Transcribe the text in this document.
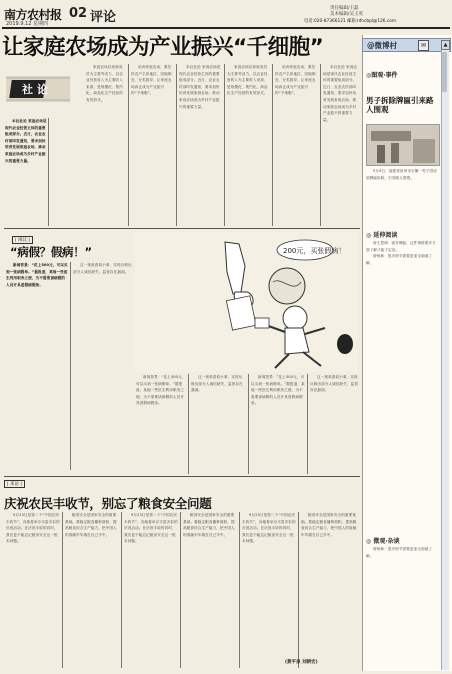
南方农村报
2019.9.12 星期四
02 评论
责任编辑/王磊
美术编辑/吴玉英
电话:020-87366121 邮箱:nfncbpl@126.com
让家庭农场成为产业振兴“千细胞”
社 论

本社社论 家庭农场是现代农业经营主体的重要组成部分。近日，农业农村部印发通知，要求加快培育发展家庭农场，推动家庭农场成为乡村产业振兴的重要力量。

家庭农场以家庭成员为主要劳动力，以农业经营收入为主要收入来源，是规模化、集约化、商品化生产经营的有效形式。

培育家庭农场，要坚持农户主体地位，因地制宜，分类指导，让家庭农场真正成为产业振兴的“千细胞”。

本社社论 家庭农场是现代农业经营主体的重要组成部分。近日，农业农村部印发通知，要求加快培育发展家庭农场，推动家庭农场成为乡村产业振兴的重要力量。

家庭农场以家庭成员为主要劳动力，以农业经营收入为主要收入来源，是规模化、集约化、商品化生产经营的有效形式。

培育家庭农场，要坚持农户主体地位，因地制宜，分类指导，让家庭农场真正成为产业振兴的“千细胞”。

本社社论 家庭农场是现代农业经营主体的重要组成部分。近日，农业农村部印发通知，要求加快培育发展家庭农场，推动家庭农场成为乡村产业振兴的重要力量。

| 闲议 |
“病假？假病！”

新闻背景：“花上300元，可以买到一张病假单。”据报道，某地一些医生利用职务之便，为不需要请病假的人员开具虚假病假条。

这一现象看似小事，实则反映出部分人诚信缺失，监管存在漏洞。

200元，买张假病！

新闻背景：“花上300元，可以买到一张病假单。”据报道，某地一些医生利用职务之便，为不需要请病假的人员开具虚假病假条。

这一现象看似小事，实则反映出部分人诚信缺失，监管存在漏洞。

新闻背景：“花上300元，可以买到一张病假单。”据报道，某地一些医生利用职务之便，为不需要请病假的人员开具虚假病假条。

这一现象看似小事，实则反映出部分人诚信缺失，监管存在漏洞。

| 来论 |
庆祝农民丰收节，别忘了粮食安全问题

9月23日是第二个“中国农民丰收节”，各地将举办丰富多彩的庆祝活动。在庆祝丰收的同时，我们更不能忘记粮食安全这一根本问题。

粮食安全是国家安全的重要基础。要稳定粮食播种面积，提高粮食综合生产能力，把中国人的饭碗牢牢端在自己手中。

9月23日是第二个“中国农民丰收节”，各地将举办丰富多彩的庆祝活动。在庆祝丰收的同时，我们更不能忘记粮食安全这一根本问题。

粮食安全是国家安全的重要基础。要稳定粮食播种面积，提高粮食综合生产能力，把中国人的饭碗牢牢端在自己手中。

9月23日是第二个“中国农民丰收节”，各地将举办丰富多彩的庆祝活动。在庆祝丰收的同时，我们更不能忘记粮食安全这一根本问题。

粮食安全是国家安全的重要基础。要稳定粮食播种面积，提高粮食综合生产能力，把中国人的饭碗牢牢端在自己手中。

(黄平泉 刘耕宏)
@微博村	✉	▲
◎图观·事件
男子拆除牌匾引来路人围观

9月9日，福建省泉州市石狮一男子因房屋牌匾拆除，引发路人围观。

◎ 延伸阅读

@王思明：面对牌匾，这件事情要多方面了解才能下定论。

@杨林：很多细节需要更加全面地了解。

◎ 微观·杂谈

@杨林：很多细节需要更加全面地了解。
